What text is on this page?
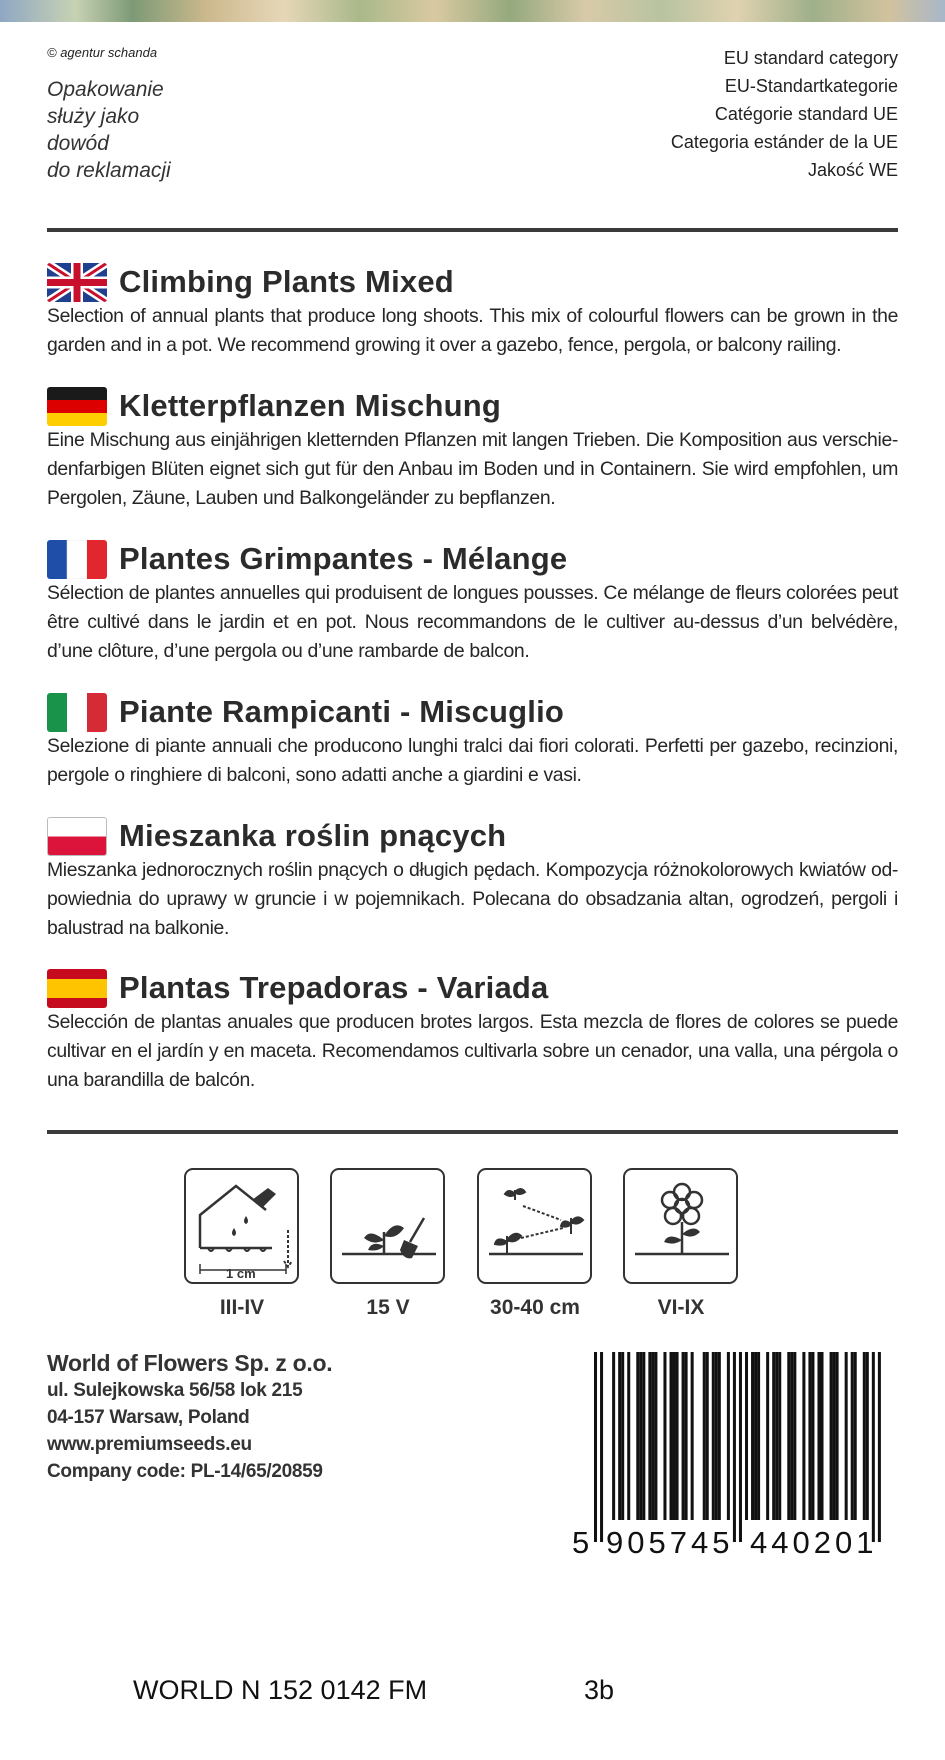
© agentur schanda
Opakowanie
służy jako
dowód
do reklamacji
EU standard category
EU-Standartkategorie
Catégorie standard UE
Categoria estánder de la UE
Jakość WE
Climbing Plants Mixed
Selection of annual plants that produce long shoots. This mix of colourful flowers can be grown in the garden and in a pot. We recommend growing it over a gazebo, fence, pergola, or balcony railing.
Kletterpflanzen Mischung
Eine Mischung aus einjährigen kletternden Pflanzen mit langen Trieben. Die Komposition aus verschie-denfarbigen Blüten eignet sich gut für den Anbau im Boden und in Containern. Sie wird empfohlen, um Pergolen, Zäune, Lauben und Balkongeländer zu bepflanzen.
Plantes Grimpantes - Mélange
Sélection de plantes annuelles qui produisent de longues pousses. Ce mélange de fleurs colorées peut être cultivé dans le jardin et en pot. Nous recommandons de le cultiver au-dessus d’un belvédère, d’une clôture, d’une pergola ou d’une rambarde de balcon.
Piante Rampicanti - Miscuglio
Selezione di piante annuali che producono lunghi tralci dai fiori colorati. Perfetti per gazebo, recinzioni, pergole o ringhiere di balconi, sono adatti anche a giardini e vasi.
Mieszanka roślin pnących
Mieszanka jednorocznych roślin pnących o długich pędach. Kompozycja różnokolorowych kwiatów od-powiednia do uprawy w gruncie i w pojemnikach. Polecana do obsadzania altan, ogrodzeń, pergoli i balustrad na balkonie.
Plantas Trepadoras - Variada
Selección de plantas anuales que producen brotes largos. Esta mezcla de flores de colores se puede cultivar en el jardín y en maceta. Recomendamos cultivarla sobre un cenador, una valla, una pérgola o una barandilla de balcón.
1 cm
III-IV	15 V	30-40 cm	VI-IX
World of Flowers Sp. z o.o.
ul. Sulejkowska 56/58 lok 215
04-157 Warsaw, Poland
www.premiumseeds.eu
Company code: PL-14/65/20859
5 905745 440201
WORLD N 152 0142 FM	3b
